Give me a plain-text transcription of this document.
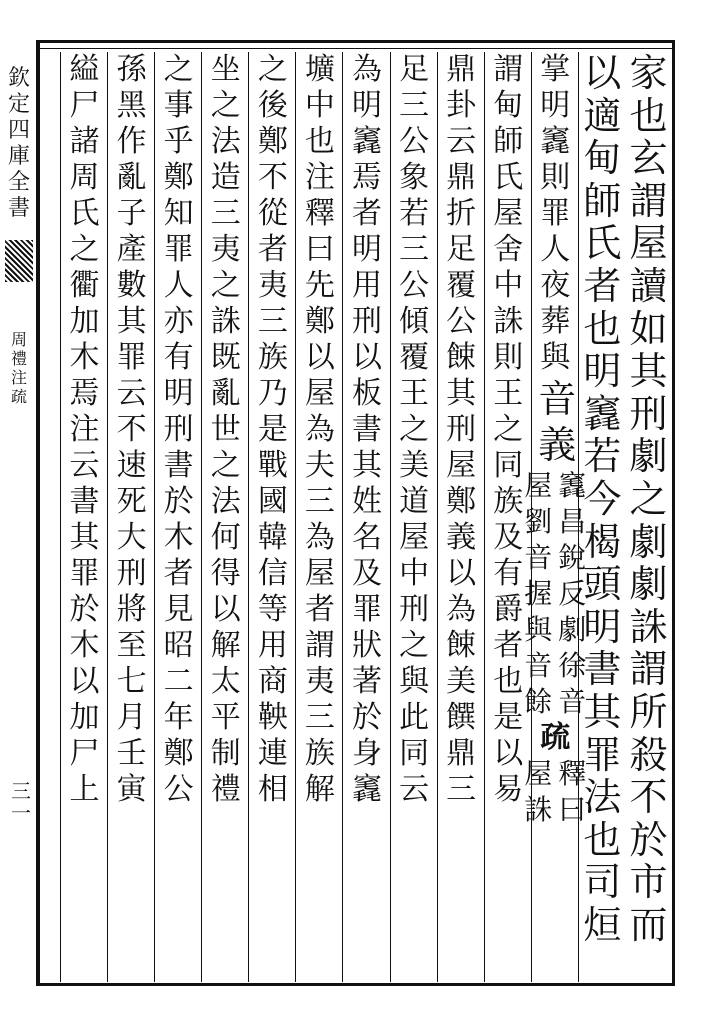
欽
定
四
庫
全
書
周
禮
注
疏
三
一
家
也
玄
謂
屋
讀
如
其
刑
劇
之
劇
劇
誅
謂
所
殺
不
於
市
而
以
適
甸
師
氏
者
也
明
竁
若
今
楬
頭
明
書
其
罪
法
也
司
烜
掌
明
竁
則
罪
人
夜
葬
與
音
義
竁
昌
銳
反
劇
徐
音
屋
劉
音
握
與
音
餘
疏
釋
曰
屋
誅
謂
甸
師
氏
屋
舍
中
誅
則
王
之
同
族
及
有
爵
者
也
是
以
易
鼎
卦
云
鼎
折
足
覆
公
餗
其
刑
屋
鄭
義
以
為
餗
美
饌
鼎
三
足
三
公
象
若
三
公
傾
覆
王
之
美
道
屋
中
刑
之
與
此
同
云
為
明
竁
焉
者
明
用
刑
以
板
書
其
姓
名
及
罪
狀
著
於
身
竁
壙
中
也
注
釋
曰
先
鄭
以
屋
為
夫
三
為
屋
者
謂
夷
三
族
解
之
後
鄭
不
從
者
夷
三
族
乃
是
戰
國
韓
信
等
用
商
鞅
連
相
坐
之
法
造
三
夷
之
誅
既
亂
世
之
法
何
得
以
解
太
平
制
禮
之
事
乎
鄭
知
罪
人
亦
有
明
刑
書
於
木
者
見
昭
二
年
鄭
公
孫
黑
作
亂
子
產
數
其
罪
云
不
速
死
大
刑
將
至
七
月
壬
寅
縊
尸
諸
周
氏
之
衢
加
木
焉
注
云
書
其
罪
於
木
以
加
尸
上
